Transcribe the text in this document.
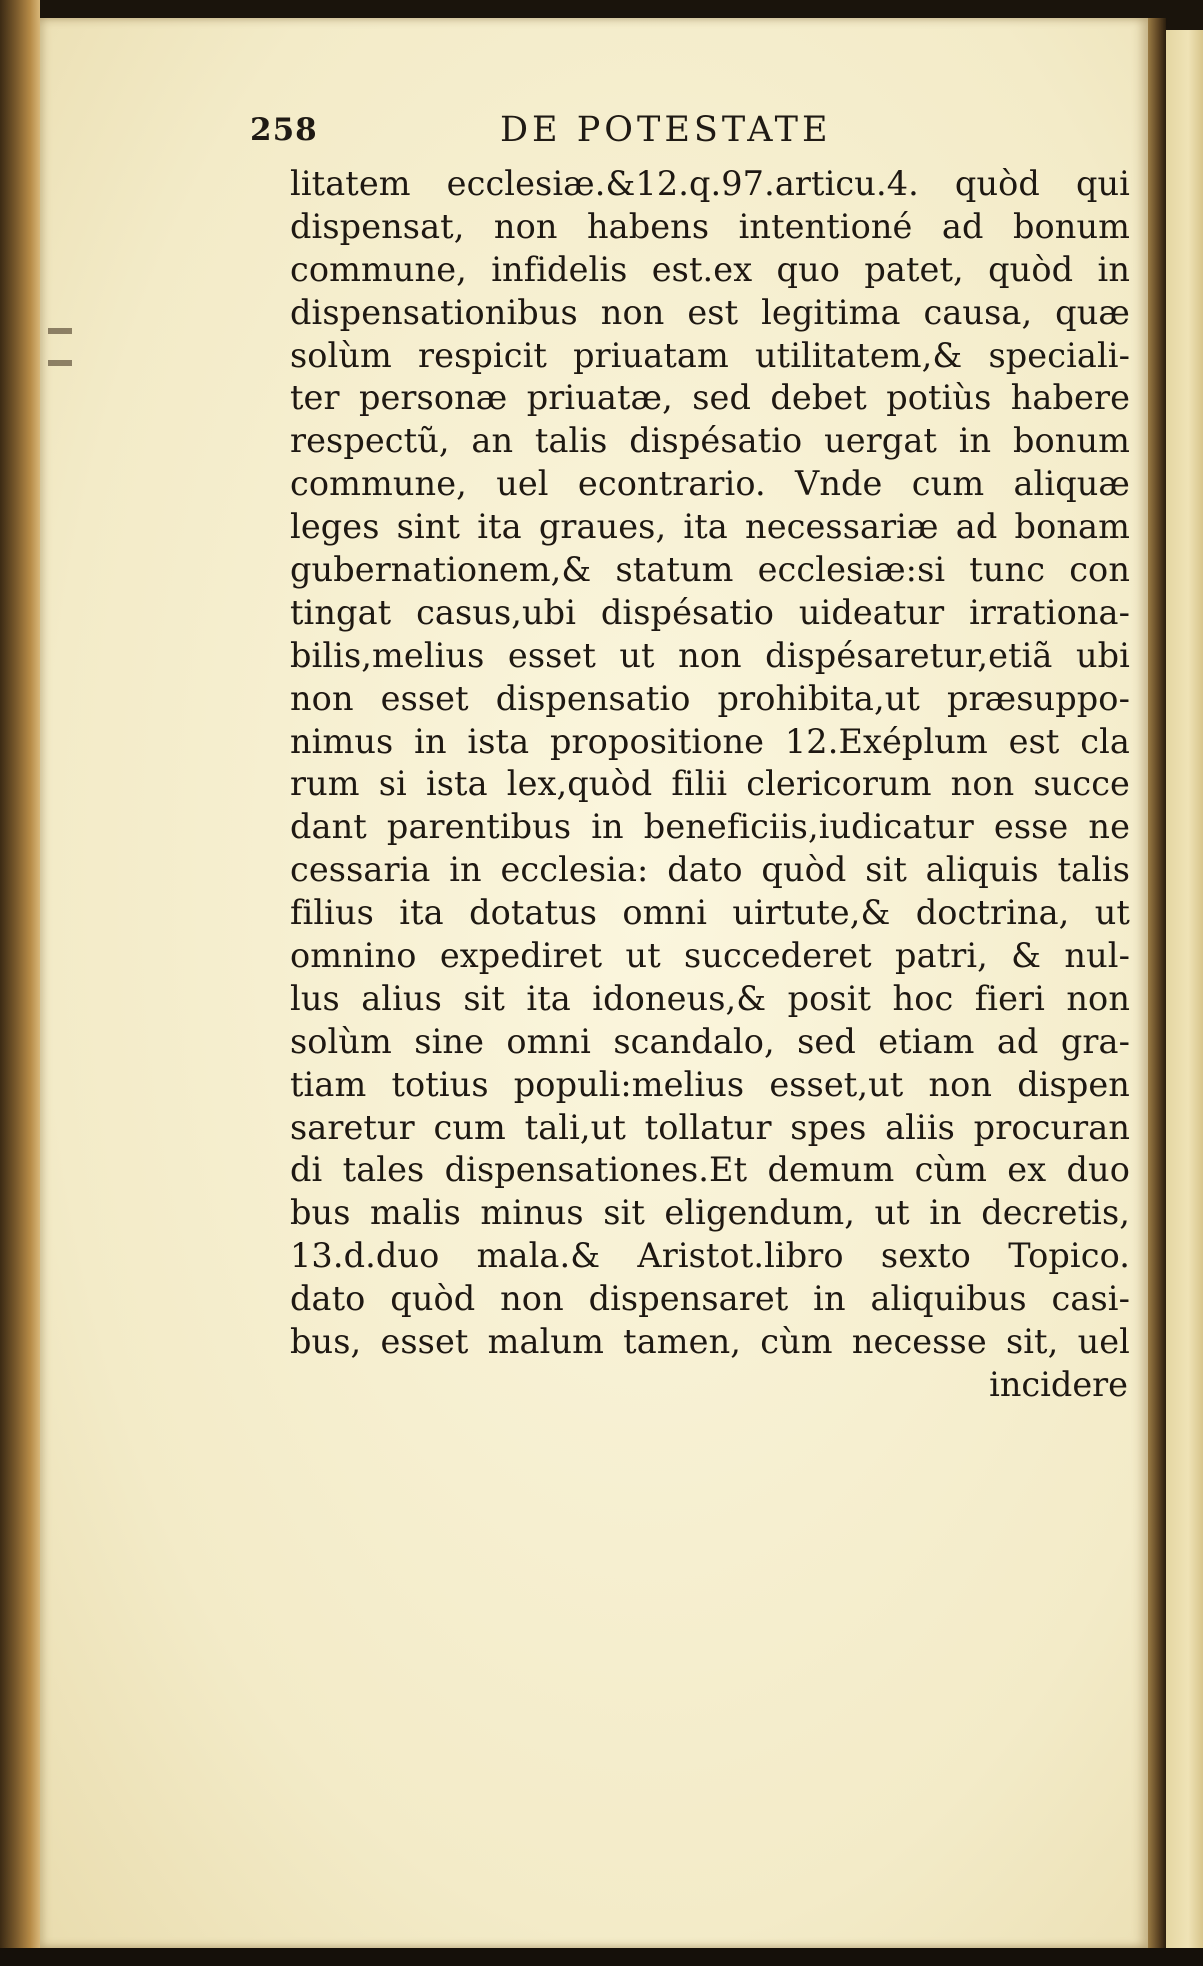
258	DE POTESTATE
litatem ecclesiæ.&12.q.97.articu.4. quòd qui
dispensat, non habens intentioné ad bonum
commune, infidelis est.ex quo patet, quòd in
dispensationibus non est legitima causa, quæ
solùm respicit priuatam utilitatem,& speciali-
ter personæ priuatæ, sed debet potiùs habere
respectũ, an talis dispésatio uergat in bonum
commune, uel econtrario. Vnde cum aliquæ
leges sint ita graues, ita necessariæ ad bonam
gubernationem,& statum ecclesiæ:si tunc con
tingat casus,ubi dispésatio uideatur irrationa-
bilis,melius esset ut non dispésaretur,etiã ubi
non esset dispensatio prohibita,ut præsuppo-
nimus in ista propositione 12.Exéplum est cla
rum si ista lex,quòd filii clericorum non succe
dant parentibus in beneficiis,iudicatur esse ne
cessaria in ecclesia: dato quòd sit aliquis talis
filius ita dotatus omni uirtute,& doctrina, ut
omnino expediret ut succederet patri, & nul-
lus alius sit ita idoneus,& posit hoc fieri non
solùm sine omni scandalo, sed etiam ad gra-
tiam totius populi:melius esset,ut non dispen
saretur cum tali,ut tollatur spes aliis procuran
di tales dispensationes.Et demum cùm ex duo
bus malis minus sit eligendum, ut in decretis,
13.d.duo mala.& Aristot.libro sexto Topico.
dato quòd non dispensaret in aliquibus casi-
bus, esset malum tamen, cùm necesse sit, uel
incidere
